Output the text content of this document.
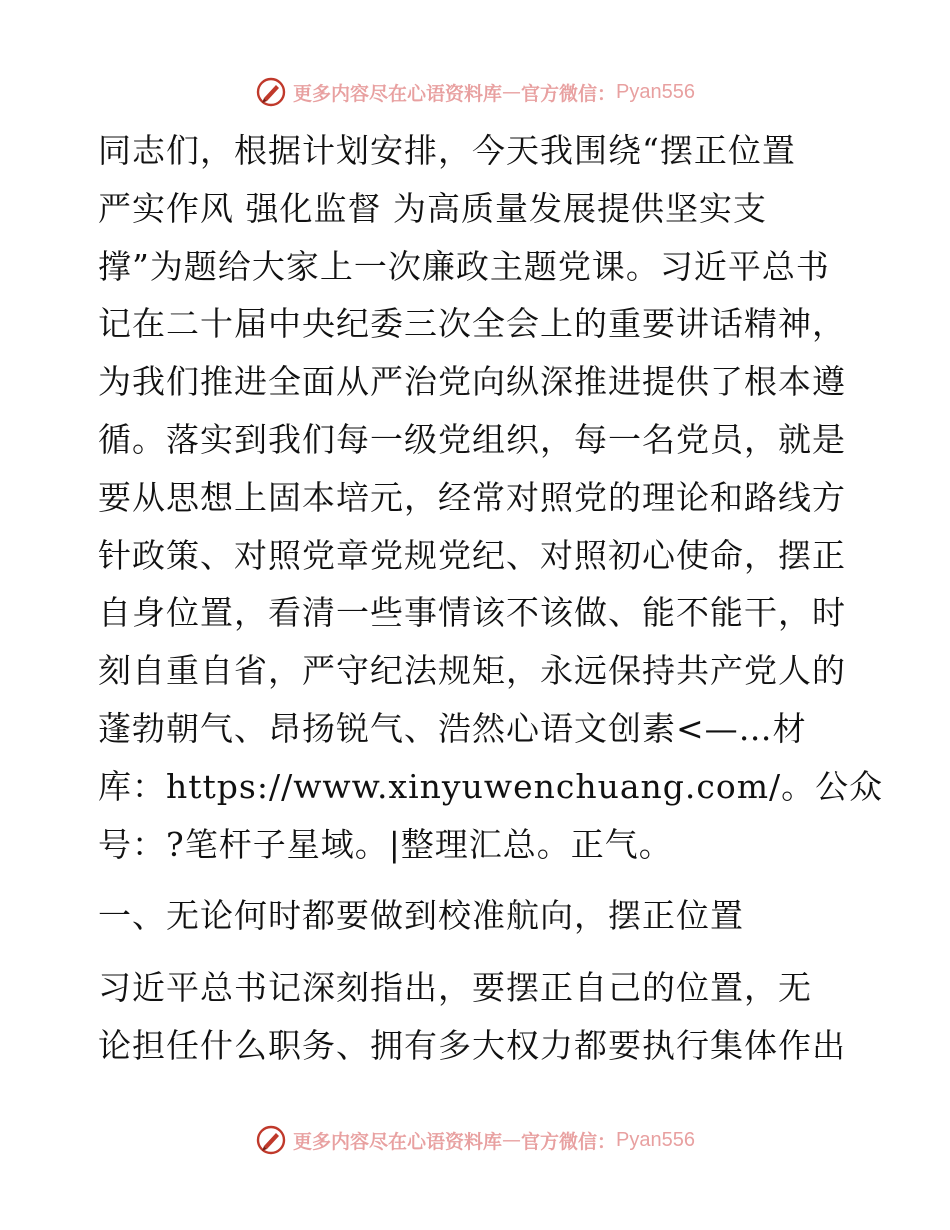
更多内容尽在心语资料库 — 官方微信： Pyan556
同志们，根据计划安排，今天我围绕“摆正位置
严实作风 强化监督 为高质量发展提供坚实支
撑”为题给大家上一次廉政主题党课。习近平总书
记在二十届中央纪委三次全会上的重要讲话精神，
为我们推进全面从严治党向纵深推进提供了根本遵
循。落实到我们每一级党组织，每一名党员，就是
要从思想上固本培元，经常对照党的理论和路线方
针政策、对照党章党规党纪、对照初心使命，摆正
自身位置，看清一些事情该不该做、能不能干，时
刻自重自省，严守纪法规矩，永远保持共产党人的
蓬勃朝气、昂扬锐气、浩然心语文创素<—…材
库：https://www.xinyuwenchuang.com/。公众
号：?笔杆子星域。|整理汇总。正气。
一、无论何时都要做到校准航向，摆正位置
习近平总书记深刻指出，要摆正自己的位置，无
论担任什么职务、拥有多大权力都要执行集体作出
更多内容尽在心语资料库 — 官方微信： Pyan556
